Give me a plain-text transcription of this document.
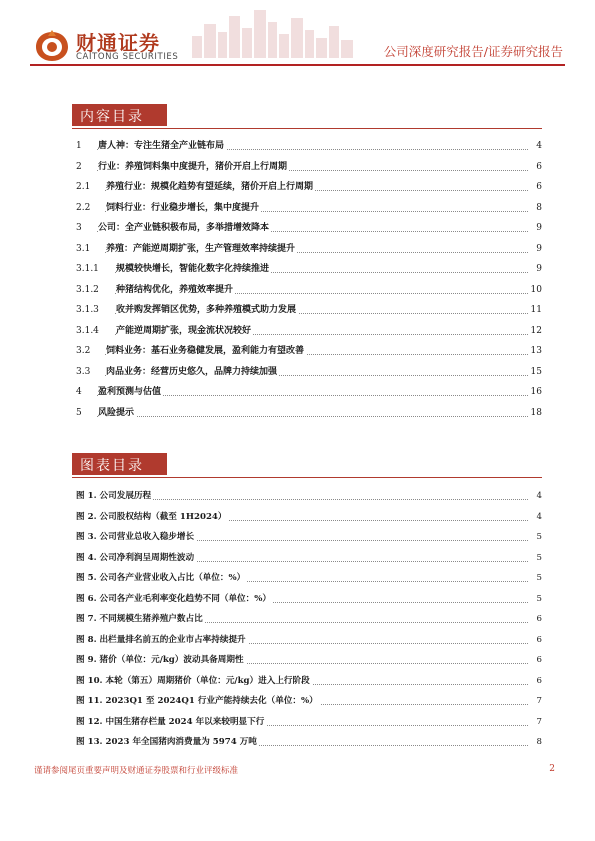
财通证券
CAITONG SECURITIES	公司深度研究报告/证券研究报告
内容目录
1 唐人神：专注生猪全产业链布局	4
2 行业：养殖饲料集中度提升，猪价开启上行周期	6
2.1 养殖行业：规模化趋势有望延续，猪价开启上行周期	6
2.2 饲料行业：行业稳步增长，集中度提升	8
3 公司：全产业链积极布局，多举措增效降本	9
3.1 养殖：产能逆周期扩张，生产管理效率持续提升	9
3.1.1 规模较快增长，智能化数字化持续推进	9
3.1.2 种猪结构优化，养殖效率提升	10
3.1.3 收并购发挥销区优势，多种养殖模式助力发展	11
3.1.4 产能逆周期扩张，现金流状况较好	12
3.2 饲料业务：基石业务稳健发展，盈利能力有望改善	13
3.3 肉品业务：经营历史悠久，品牌力持续加强	15
4 盈利预测与估值	16
5 风险提示	18
图表目录
图 1. 公司发展历程	4
图 2. 公司股权结构（截至 1H2024）	4
图 3. 公司营业总收入稳步增长	5
图 4. 公司净利润呈周期性波动	5
图 5. 公司各产业营业收入占比（单位：%）	5
图 6. 公司各产业毛利率变化趋势不同（单位：%）	5
图 7. 不同规模生猪养殖户数占比	6
图 8. 出栏量排名前五的企业市占率持续提升	6
图 9. 猪价（单位：元/kg）波动具备周期性	6
图 10. 本轮（第五）周期猪价（单位：元/kg）进入上行阶段	6
图 11. 2023Q1 至 2024Q1 行业产能持续去化（单位：%）	7
图 12. 中国生猪存栏量 2024 年以来较明显下行	7
图 13. 2023 年全国猪肉消费量为 5974 万吨	8
谨请参阅尾页重要声明及财通证券股票和行业评级标准	2
